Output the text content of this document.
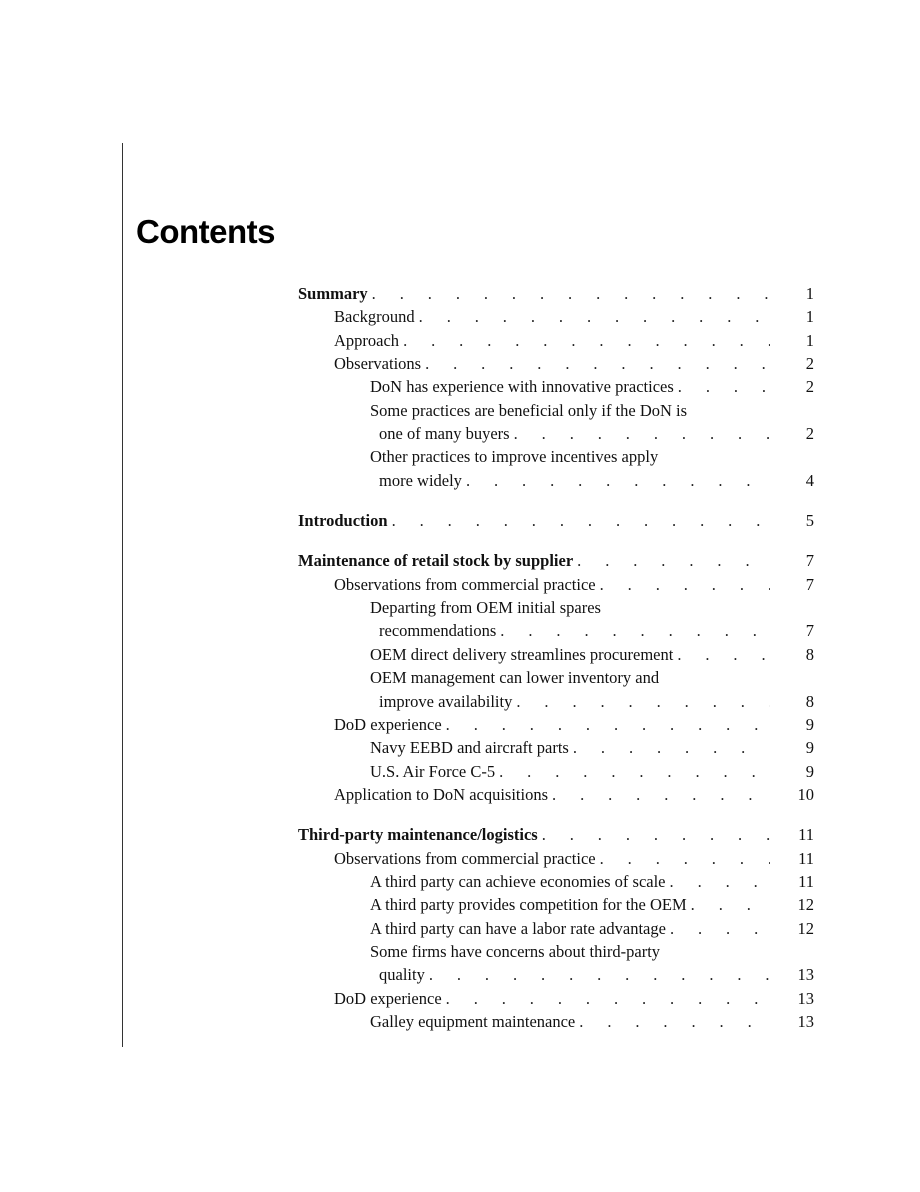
Contents
Summary . . .	1
Background . . .	1
Approach . . .	1
Observations . . .	2
DoN has experience with innovative practices . . .	2
Some practices are beneficial only if the DoN is
one of many buyers . . .	2
Other practices to improve incentives apply
more widely . . .	4
Introduction . . .	5
Maintenance of retail stock by supplier . . .	7
Observations from commercial practice . . .	7
Departing from OEM initial spares
recommendations . . .	7
OEM direct delivery streamlines procurement . . .	8
OEM management can lower inventory and
improve availability . . .	8
DoD experience . . .	9
Navy EEBD and aircraft parts . . .	9
U.S. Air Force C-5 . . .	9
Application to DoN acquisitions . . .	10
Third-party maintenance/logistics . . .	11
Observations from commercial practice . . .	11
A third party can achieve economies of scale . . .	11
A third party provides competition for the OEM . . .	12
A third party can have a labor rate advantage . . .	12
Some firms have concerns about third-party
quality . . .	13
DoD experience . . .	13
Galley equipment maintenance . . .	13
